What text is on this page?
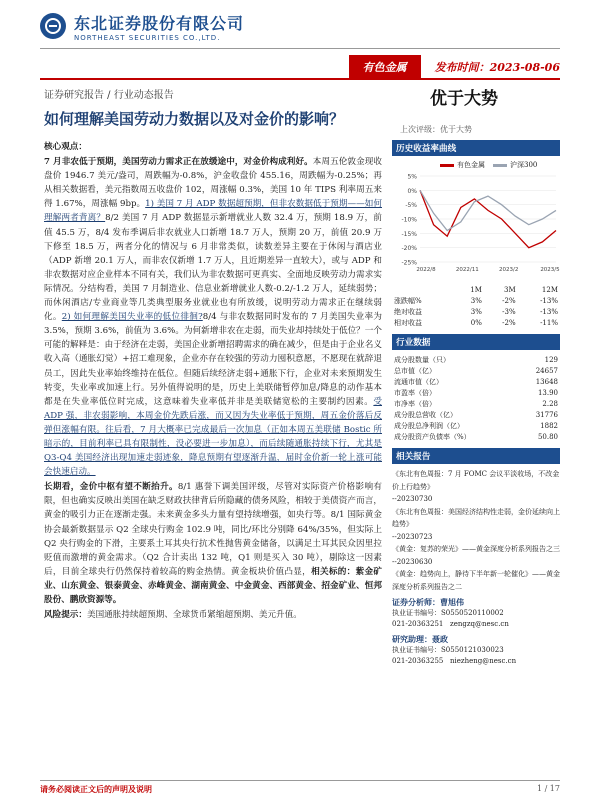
东北证券股份有限公司
NORTHEAST SECURITIES CO.,LTD.
有色金属	发布时间：2023-08-06
证券研究报告 / 行业动态报告	优于大势
如何理解美国劳动力数据以及对金价的影响？
上次评级：优于大势

核心观点：

7 月非农低于预期，美国劳动力需求正在放缓途中，对金价构成利好。本周五伦敦金现收盘价 1946.7 美元/盎司，周跌幅为-0.8%，沪金收盘价 455.16，周跌幅为-0.25%；再从相关数据看，美元指数周五收盘价 102，周涨幅 0.3%，美国 10 年 TIPS 利率周五来得 1.67%，周涨幅 9bp。1) 美国 7 月 ADP 数据超预期，但非农数据低于预期——如何理解两者背离？8/2 美国 7 月 ADP 数据显示新增就业人数 32.4 万，预期 18.9 万，前值 45.5 万，8/4 发布季调后非农就业人口新增 18.7 万人，预期 20 万，前值 20.9 万下修至 18.5 万，两者分化的情况与 6 月非常类似，读数差异主要在于休闲与酒店业（ADP 新增 20.1 万人，而非农仅新增 1.7 万人，且近期差异一直较大），或与 ADP 和非农数据对应企业样本不同有关，我们认为非农数据可更真实、全面地反映劳动力需求实际情况。分结构看，美国 7 月制造业、信息业新增就业人数-0.2/-1.2 万人，延续弱势；而休闲酒店/专业商业等几类典型服务业就业也有所放缓，说明劳动力需求正在继续弱化。2) 如何理解美国失业率的低位徘徊?8/4 与非农数据同时发布的 7 月美国失业率为 3.5%，预期 3.6%，前值为 3.6%。为何新增非农在走弱，而失业却持续处于低位？一个可能的解释是：由于经济在走弱，美国企业新增招聘需求的确在减少，但是由于企业名义收入高（通胀幻觉）+招工难现象，企业亦存在较强的劳动力囤积意愿，不愿现在就辞退员工，因此失业率始终维持在低位。但随后续经济走弱+通胀下行，企业对未来预期发生转变，失业率或加速上行。另外值得说明的是，历史上美联储暂停加息/降息的动作基本都是在失业率低位时完成，这意味着失业率低并非是美联储宽松的主要制约因素。受 ADP 强，非农弱影响，本周金价先跌后涨，而又因为失业率低于预期，周五金价落后反弹但涨幅有限。往后看，7 月大概率已完成最后一次加息（正如本周五美联储 Bostic 所暗示的，目前利率已具有限制性，没必要进一步加息），而后续随通胀持续下行，尤其是 Q3-Q4 美国经济出现加速走弱迹象，降息预期有望逐渐升温，届时金价新一轮上涨可能会快速启动。

长期看，金价中枢有望不断抬升。8/1 惠誉下调美国评级，尽管对实际资产价格影响有限，但也确实反映出美国在缺乏财政扶律背后所隐藏的债务风险，相较于美债资产而言，黄金的吸引力正在逐渐走强。未来黄金多头力量有望持续增强，如央行等。8/1 国际黄金协会最新数据显示 Q2 全球央行购金 102.9 吨，同比/环比分别降 64%/35%，但实际上 Q2 央行购金的下滑，主要系土耳其央行抗术性抛售黄金储备，以满足土耳其民众因里拉贬值而激增的黄金需求。（Q2 合计卖出 132 吨，Q1 则是买入 30 吨），剔除这一因素后，目前全球央行仍然保持着较高的购金热情。黄金板块价值凸显，相关标的：紫金矿业、山东黄金、银泰黄金、赤峰黄金、湖南黄金、中金黄金、西部黄金、招金矿业、恒邦股份、鹏欣资源等。

风险提示：美国通胀持续超预期、全球货币紧缩超预期、美元升值。

历史收益率曲线
有色金属	沪深300
5%
0%
-5%
-10%
-15%
-20%
-25%
2022/8	2022/11	2023/2	2023/5
	1M	3M	12M
涨跌幅%	3%	-2%	-13%
绝对收益	3%	-3%	-13%
相对收益	0%	-2%	-11%
行业数据
成分股数量（只）	129
总市值（亿）	24657
流通市值（亿）	13648
市盈率（倍）	13.90
市净率（倍）	2.28
成分股总营收（亿）	31776
成分股总净利润（亿）	1882
成分股资产负债率（%）	50.80
相关报告
《东北有色周报：7 月 FOMC 会议平淡收场，不改金价上行趋势》
--20230730
《东北有色周报：美国经济结构性走弱，金价延续向上趋势》
--20230723
《黄金：复苏的荣光》——黄金深度分析系列报告之三
--20230630
《黄金：趋势向上，静待下半年新一轮催化》——黄金深度分析系列报告之二
证券分析师：曹旭伟
执业证书编号：S0550520110002
021-20363251 zengzq@nesc.cn
研究助理：聂政
执业证书编号：S0550121030023
021-20363255 niezheng@nesc.cn
请务必阅读正文后的声明及说明	1 / 17
